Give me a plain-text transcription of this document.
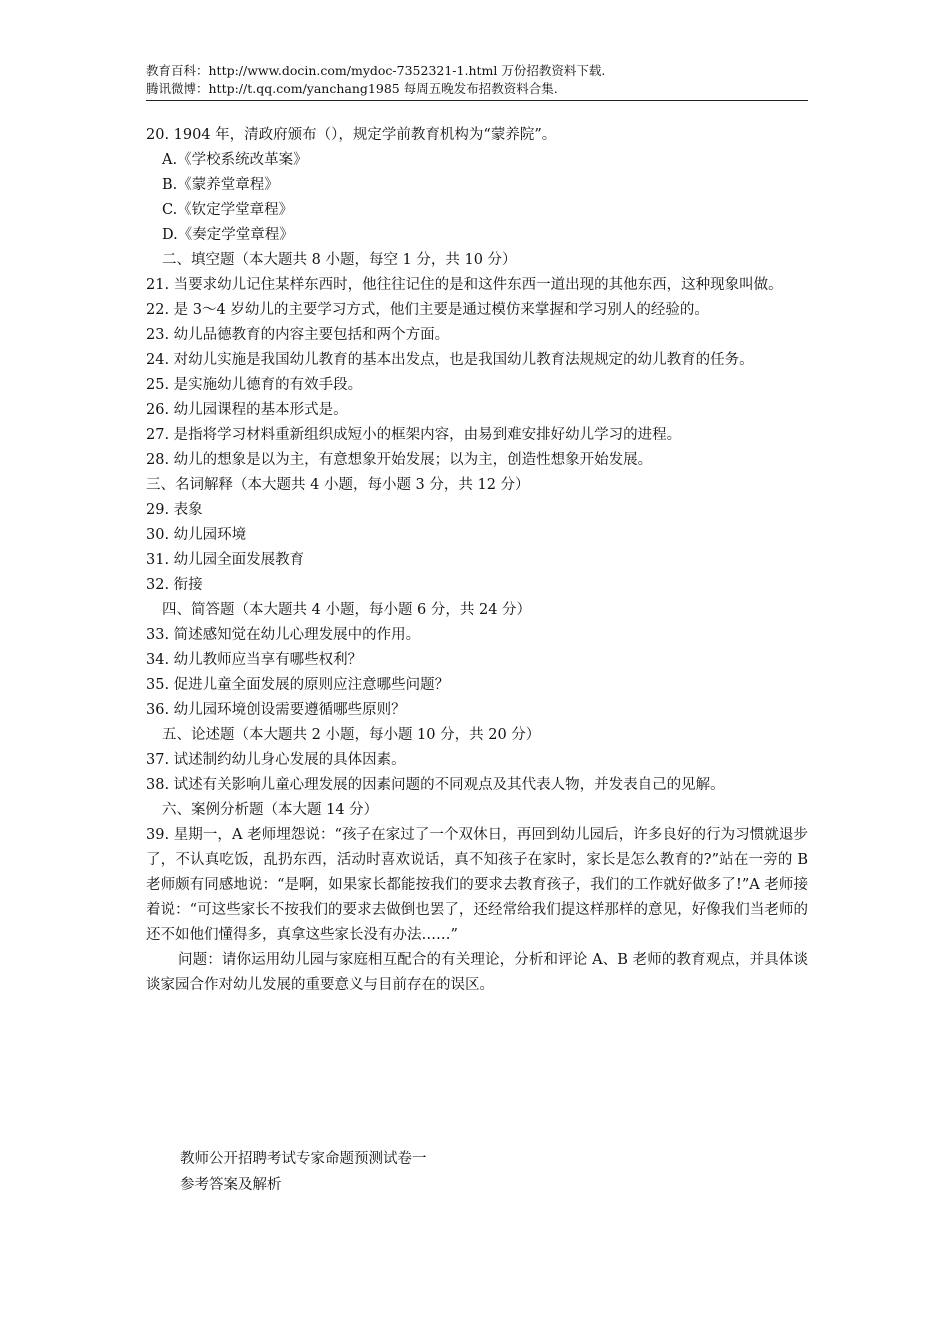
教育百科：http://www.docin.com/mydoc-7352321-1.html 万份招教资料下载.
腾讯微博：http://t.qq.com/yanchang1985 每周五晚发布招教资料合集.
20. 1904 年，清政府颁布（），规定学前教育机构为“蒙养院”。
A.《学校系统改革案》
B.《蒙养堂章程》
C.《钦定学堂章程》
D.《奏定学堂章程》
二、填空题（本大题共 8 小题，每空 1 分，共 10 分）
21. 当要求幼儿记住某样东西时，他往往记住的是和这件东西一道出现的其他东西，这种现象叫做。
22. 是 3～4 岁幼儿的主要学习方式，他们主要是通过模仿来掌握和学习别人的经验的。
23. 幼儿品德教育的内容主要包括和两个方面。
24. 对幼儿实施是我国幼儿教育的基本出发点，也是我国幼儿教育法规规定的幼儿教育的任务。
25. 是实施幼儿德育的有效手段。
26. 幼儿园课程的基本形式是。
27. 是指将学习材料重新组织成短小的框架内容，由易到难安排好幼儿学习的进程。
28. 幼儿的想象是以为主，有意想象开始发展；以为主，创造性想象开始发展。
三、名词解释（本大题共 4 小题，每小题 3 分，共 12 分）
29. 表象
30. 幼儿园环境
31. 幼儿园全面发展教育
32. 衔接
四、简答题（本大题共 4 小题，每小题 6 分，共 24 分）
33. 简述感知觉在幼儿心理发展中的作用。
34. 幼儿教师应当享有哪些权利？
35. 促进儿童全面发展的原则应注意哪些问题？
36. 幼儿园环境创设需要遵循哪些原则？
五、论述题（本大题共 2 小题，每小题 10 分，共 20 分）
37. 试述制约幼儿身心发展的具体因素。
38. 试述有关影响儿童心理发展的因素问题的不同观点及其代表人物，并发表自己的见解。
六、案例分析题（本大题 14 分）
39. 星期一，A 老师埋怨说：“孩子在家过了一个双休日，再回到幼儿园后，许多良好的行为习惯就退步了，不认真吃饭，乱扔东西，活动时喜欢说话，真不知孩子在家时，家长是怎么教育的?”站在一旁的 B 老师颇有同感地说：“是啊，如果家长都能按我们的要求去教育孩子，我们的工作就好做多了!”A 老师接着说：“可这些家长不按我们的要求去做倒也罢了，还经常给我们提这样那样的意见，好像我们当老师的还不如他们懂得多，真拿这些家长没有办法……”
问题：请你运用幼儿园与家庭相互配合的有关理论，分析和评论 A、B 老师的教育观点，并具体谈谈家园合作对幼儿发展的重要意义与目前存在的误区。
教师公开招聘考试专家命题预测试卷一
参考答案及解析
